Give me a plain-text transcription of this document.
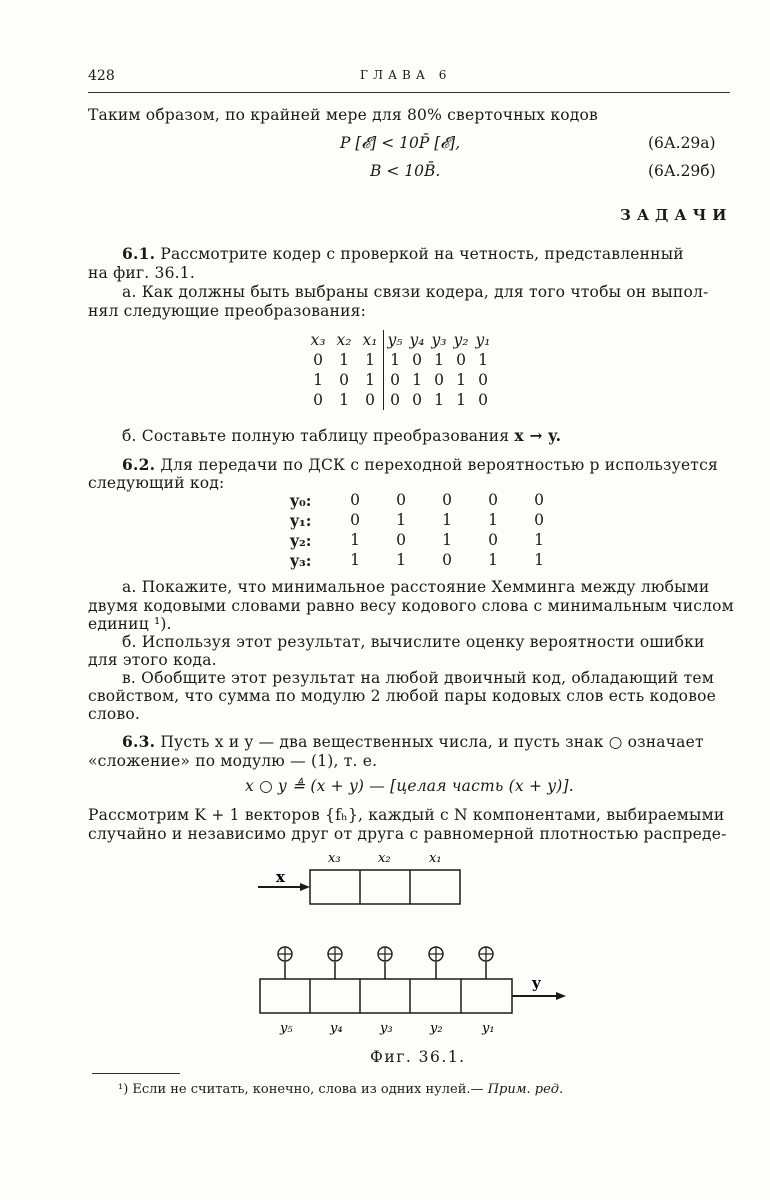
428	ГЛАВА 6
Таким образом, по крайней мере для 80% сверточных кодов
P [𝓔] < 10P̄ [𝓔],	(6А.29а)
B < 10B̄.	(6А.29б)
ЗАДАЧИ
6.1. Рассмотрите кодер с проверкой на четность, представленный
на фиг. 36.1.
а. Как должны быть выбраны связи кодера, для того чтобы он выпол-
нял следующие преобразования:
x₃	x₂	x₁	y₅	y₄	y₃	y₂	y₁
0	1	1	1	0	1	0	1
1	0	1	0	1	0	1	0
0	1	0	0	0	1	1	0
б. Составьте полную таблицу преобразования x → y.
6.2. Для передачи по ДСК с переходной вероятностью p используется
следующий код:
y₀:	0	0	0	0	0
y₁:	0	1	1	1	0
y₂:	1	0	1	0	1
y₃:	1	1	0	1	1
а. Покажите, что минимальное расстояние Хемминга между любыми
двумя кодовыми словами равно весу кодового слова с минимальным числом
единиц ¹).
б. Используя этот результат, вычислите оценку вероятности ошибки
для этого кода.
в. Обобщите этот результат на любой двоичный код, обладающий тем
свойством, что сумма по модулю 2 любой пары кодовых слов есть кодовое
слово.
6.3. Пусть x и y — два вещественных числа, и пусть знак ○ означает
«сложение» по модулю — (1), т. е.
x ○ y ≜ (x + y) — [целая часть (x + y)].
Рассмотрим K + 1 векторов {fₕ}, каждый с N компонентами, выбираемыми
случайно и независимо друг от друга с равномерной плотностью распреде-
x
x₃	x₂	x₁
y
y₅	y₄	y₃	y₂	y₁
Фиг. 36.1.
¹) Если не считать, конечно, слова из одних нулей.— Прим. ред.
